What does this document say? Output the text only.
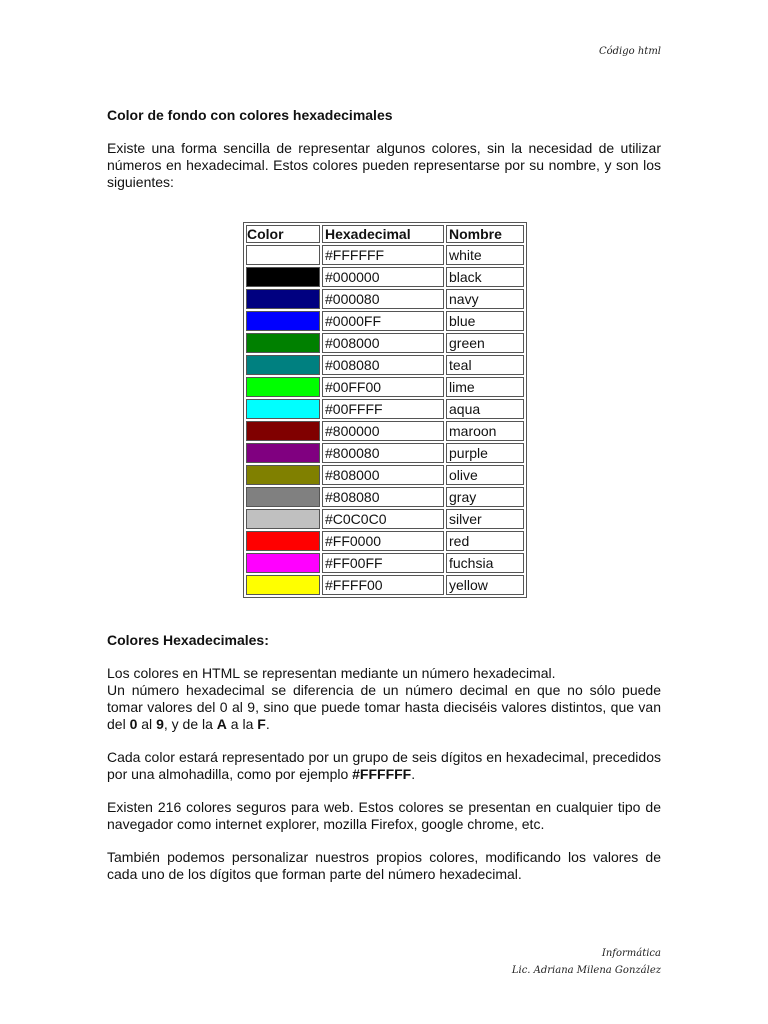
Código html

Color de fondo con colores hexadecimales

Existe una forma sencilla de representar algunos colores, sin la necesidad de utilizar números en hexadecimal. Estos colores pueden representarse por su nombre, y son los siguientes:

Color	Hexadecimal	Nombre

	#FFFFFF	white

	#000000	black

	#000080	navy

	#0000FF	blue

	#008000	green

	#008080	teal

	#00FF00	lime

	#00FFFF	aqua

	#800000	maroon

	#800080	purple

	#808000	olive

	#808080	gray

	#C0C0C0	silver

	#FF0000	red

	#FF00FF	fuchsia

	#FFFF00	yellow

Colores Hexadecimales:

Los colores en HTML se representan mediante un número hexadecimal.
Un número hexadecimal se diferencia de un número decimal en que no sólo puede tomar valores del 0 al 9, sino que puede tomar hasta dieciséis valores distintos, que van del 0 al 9, y de la A a la F.

Cada color estará representado por un grupo de seis dígitos en hexadecimal, precedidos por una almohadilla, como por ejemplo #FFFFFF.

Existen 216 colores seguros para web. Estos colores se presentan en cualquier tipo de navegador como internet explorer, mozilla Firefox, google chrome, etc.

También podemos personalizar nuestros propios colores, modificando los valores de cada uno de los dígitos que forman parte del número hexadecimal.

Informática
Lic. Adriana Milena González
